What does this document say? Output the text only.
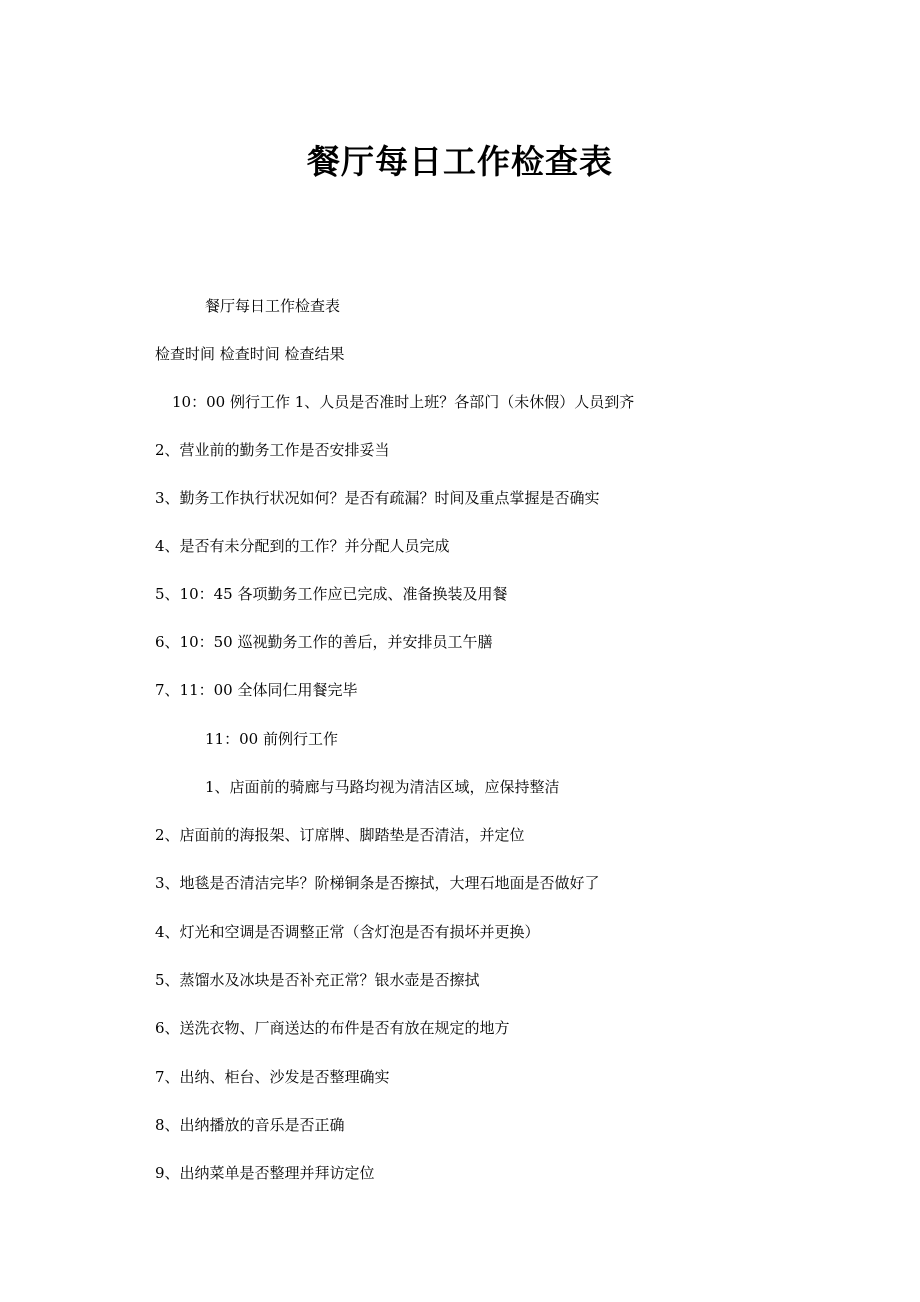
餐厅每日工作检查表
餐厅每日工作检查表
检查时间 检查时间 检查结果
10：00 例行工作 1、人员是否准时上班？各部门（未休假）人员到齐
2、营业前的勤务工作是否安排妥当
3、勤务工作执行状况如何？是否有疏漏？时间及重点掌握是否确实
4、是否有未分配到的工作？并分配人员完成
5、10：45 各项勤务工作应已完成、准备换装及用餐
6、10：50 巡视勤务工作的善后，并安排员工午膳
7、11：00 全体同仁用餐完毕
11：00 前例行工作
1、店面前的骑廊与马路均视为清洁区域，应保持整洁
2、店面前的海报架、订席牌、脚踏垫是否清洁，并定位
3、地毯是否清洁完毕？阶梯铜条是否擦拭，大理石地面是否做好了
4、灯光和空调是否调整正常（含灯泡是否有损坏并更换）
5、蒸馏水及冰块是否补充正常？银水壶是否擦拭
6、送洗衣物、厂商送达的布件是否有放在规定的地方
7、出纳、柜台、沙发是否整理确实
8、出纳播放的音乐是否正确
9、出纳菜单是否整理并拜访定位
